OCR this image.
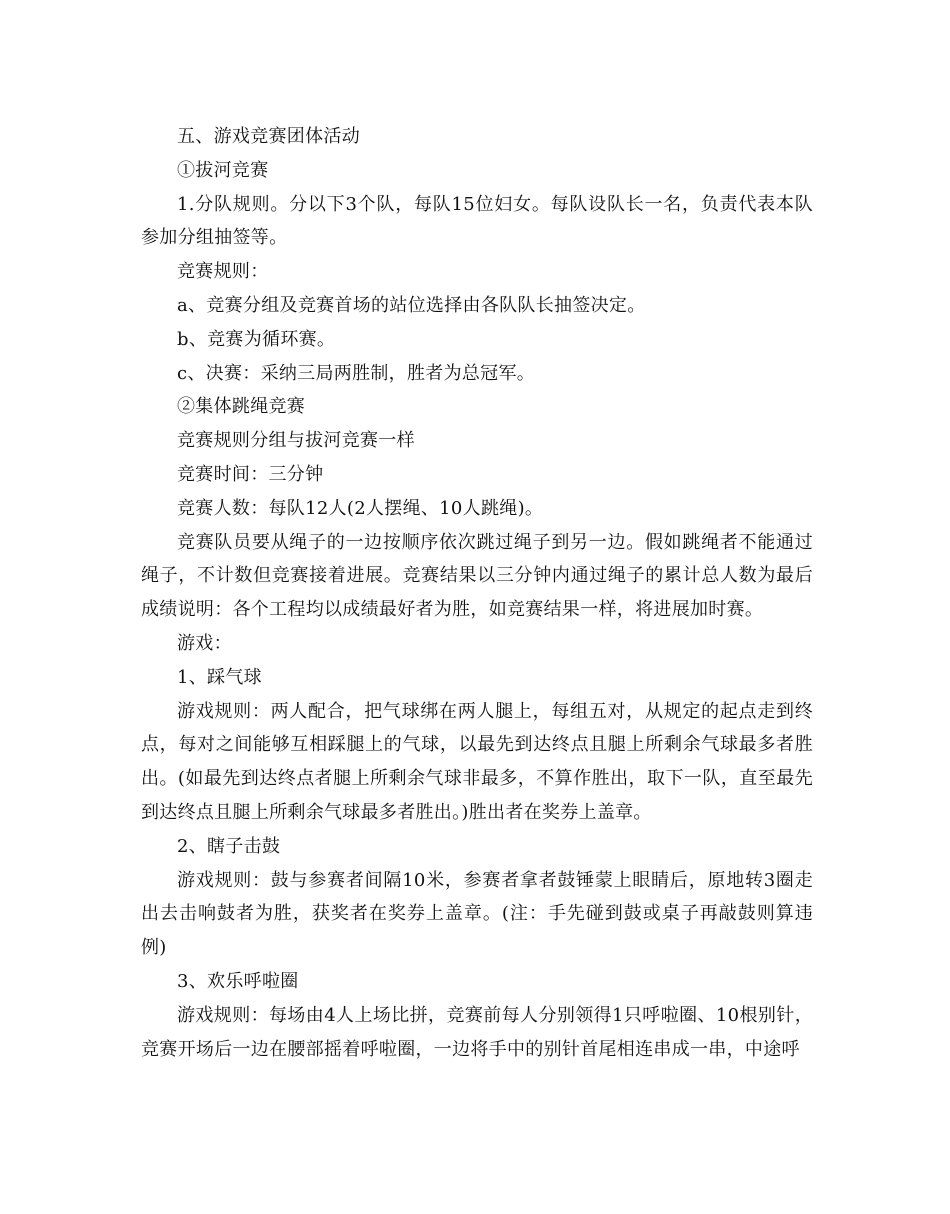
五、游戏竞赛团体活动

①拔河竞赛

1.分队规则。分以下3个队，每队15位妇女。每队设队长一名，负责代表本队参加分组抽签等。

竞赛规则：

a、竞赛分组及竞赛首场的站位选择由各队队长抽签决定。

b、竞赛为循环赛。

c、决赛：采纳三局两胜制，胜者为总冠军。

②集体跳绳竞赛

竞赛规则分组与拔河竞赛一样

竞赛时间：三分钟

竞赛人数：每队12人(2人摆绳、10人跳绳)。

竞赛队员要从绳子的一边按顺序依次跳过绳子到另一边。假如跳绳者不能通过绳子，不计数但竞赛接着进展。竞赛结果以三分钟内通过绳子的累计总人数为最后成绩说明：各个工程均以成绩最好者为胜，如竞赛结果一样，将进展加时赛。

游戏：

1、踩气球

游戏规则：两人配合，把气球绑在两人腿上，每组五对，从规定的起点走到终点，每对之间能够互相踩腿上的气球，以最先到达终点且腿上所剩余气球最多者胜出。(如最先到达终点者腿上所剩余气球非最多，不算作胜出，取下一队，直至最先到达终点且腿上所剩余气球最多者胜出。)胜出者在奖券上盖章。

2、瞎子击鼓

游戏规则：鼓与参赛者间隔10米，参赛者拿者鼓锤蒙上眼睛后，原地转3圈走出去击响鼓者为胜，获奖者在奖券上盖章。(注：手先碰到鼓或桌子再敲鼓则算违例)

3、欢乐呼啦圈

游戏规则：每场由4人上场比拼，竞赛前每人分别领得1只呼啦圈、10根别针，竞赛开场后一边在腰部摇着呼啦圈，一边将手中的别针首尾相连串成一串，中途呼
